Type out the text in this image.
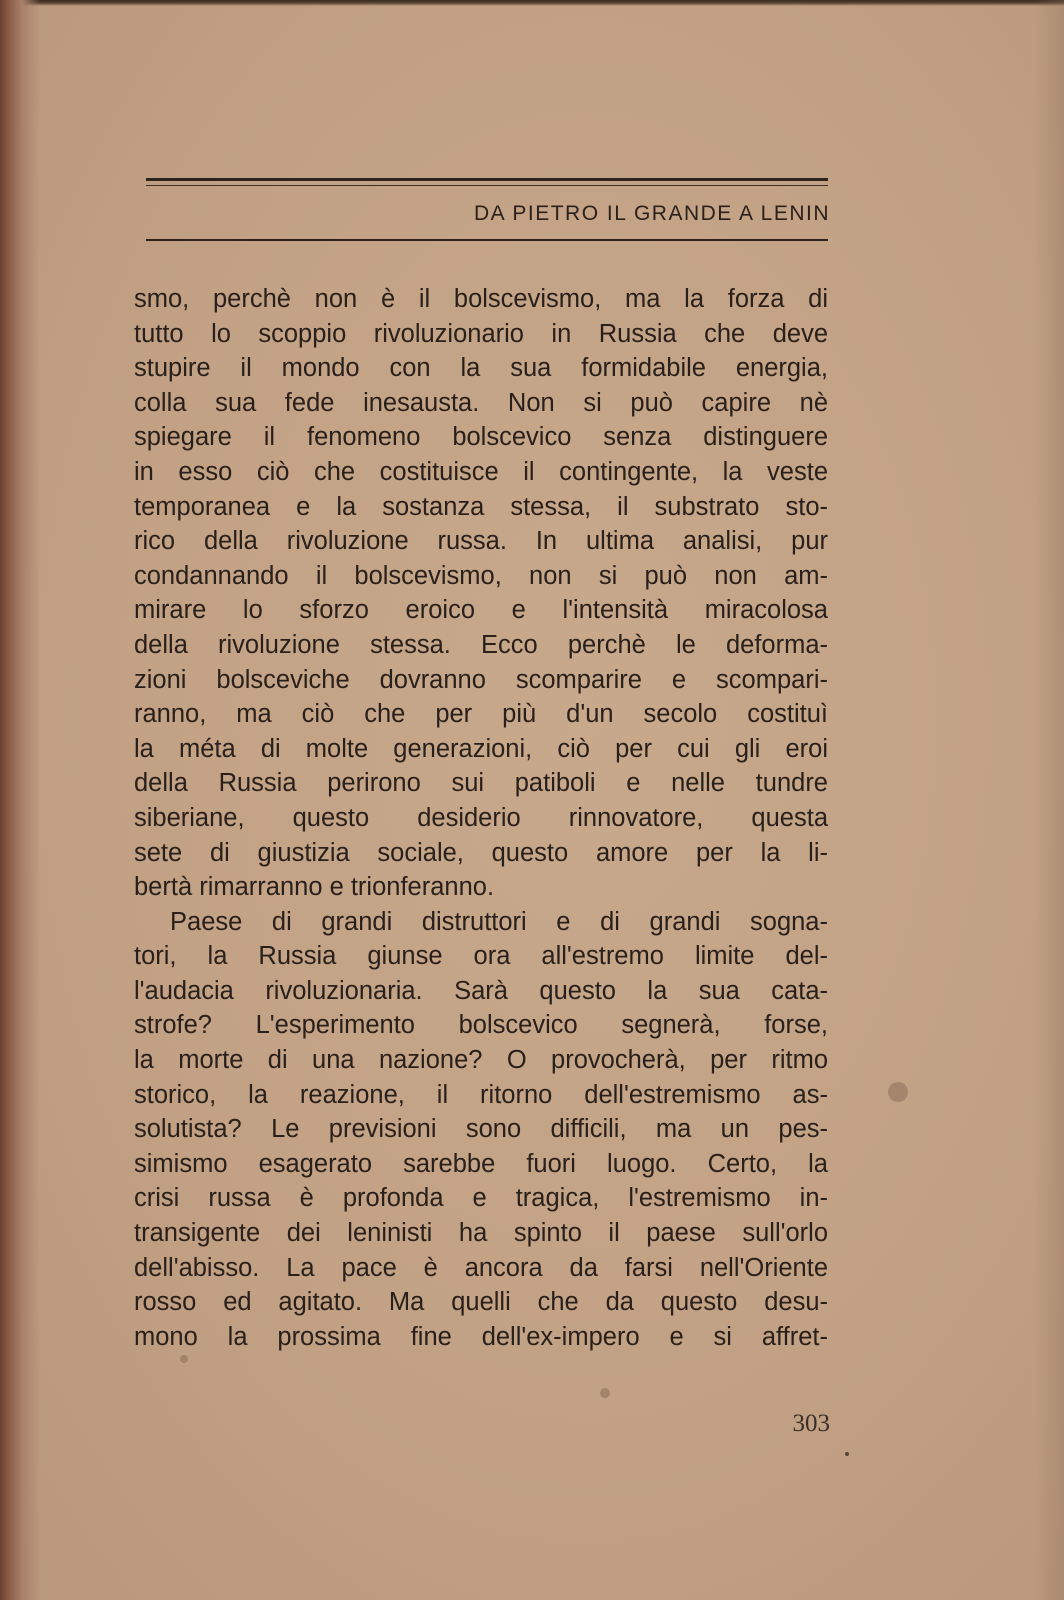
DA PIETRO IL GRANDE A LENIN
smo, perchè non è il bolscevismo, ma la forza di
tutto lo scoppio rivoluzionario in Russia che deve
stupire il mondo con la sua formidabile energia,
colla sua fede inesausta. Non si può capire nè
spiegare il fenomeno bolscevico senza distinguere
in esso ciò che costituisce il contingente, la veste
temporanea e la sostanza stessa, il substrato sto-
rico della rivoluzione russa. In ultima analisi, pur
condannando il bolscevismo, non si può non am-
mirare lo sforzo eroico e l'intensità miracolosa
della rivoluzione stessa. Ecco perchè le deforma-
zioni bolsceviche dovranno scomparire e scompari-
ranno, ma ciò che per più d'un secolo costituì
la méta di molte generazioni, ciò per cui gli eroi
della Russia perirono sui patiboli e nelle tundre
siberiane, questo desiderio rinnovatore, questa
sete di giustizia sociale, questo amore per la li-
bertà rimarranno e trionferanno.
Paese di grandi distruttori e di grandi sogna-
tori, la Russia giunse ora all'estremo limite del-
l'audacia rivoluzionaria. Sarà questo la sua cata-
strofe? L'esperimento bolscevico segnerà, forse,
la morte di una nazione? O provocherà, per ritmo
storico, la reazione, il ritorno dell'estremismo as-
solutista? Le previsioni sono difficili, ma un pes-
simismo esagerato sarebbe fuori luogo. Certo, la
crisi russa è profonda e tragica, l'estremismo in-
transigente dei leninisti ha spinto il paese sull'orlo
dell'abisso. La pace è ancora da farsi nell'Oriente
rosso ed agitato. Ma quelli che da questo desu-
mono la prossima fine dell'ex-impero e si affret-
303
